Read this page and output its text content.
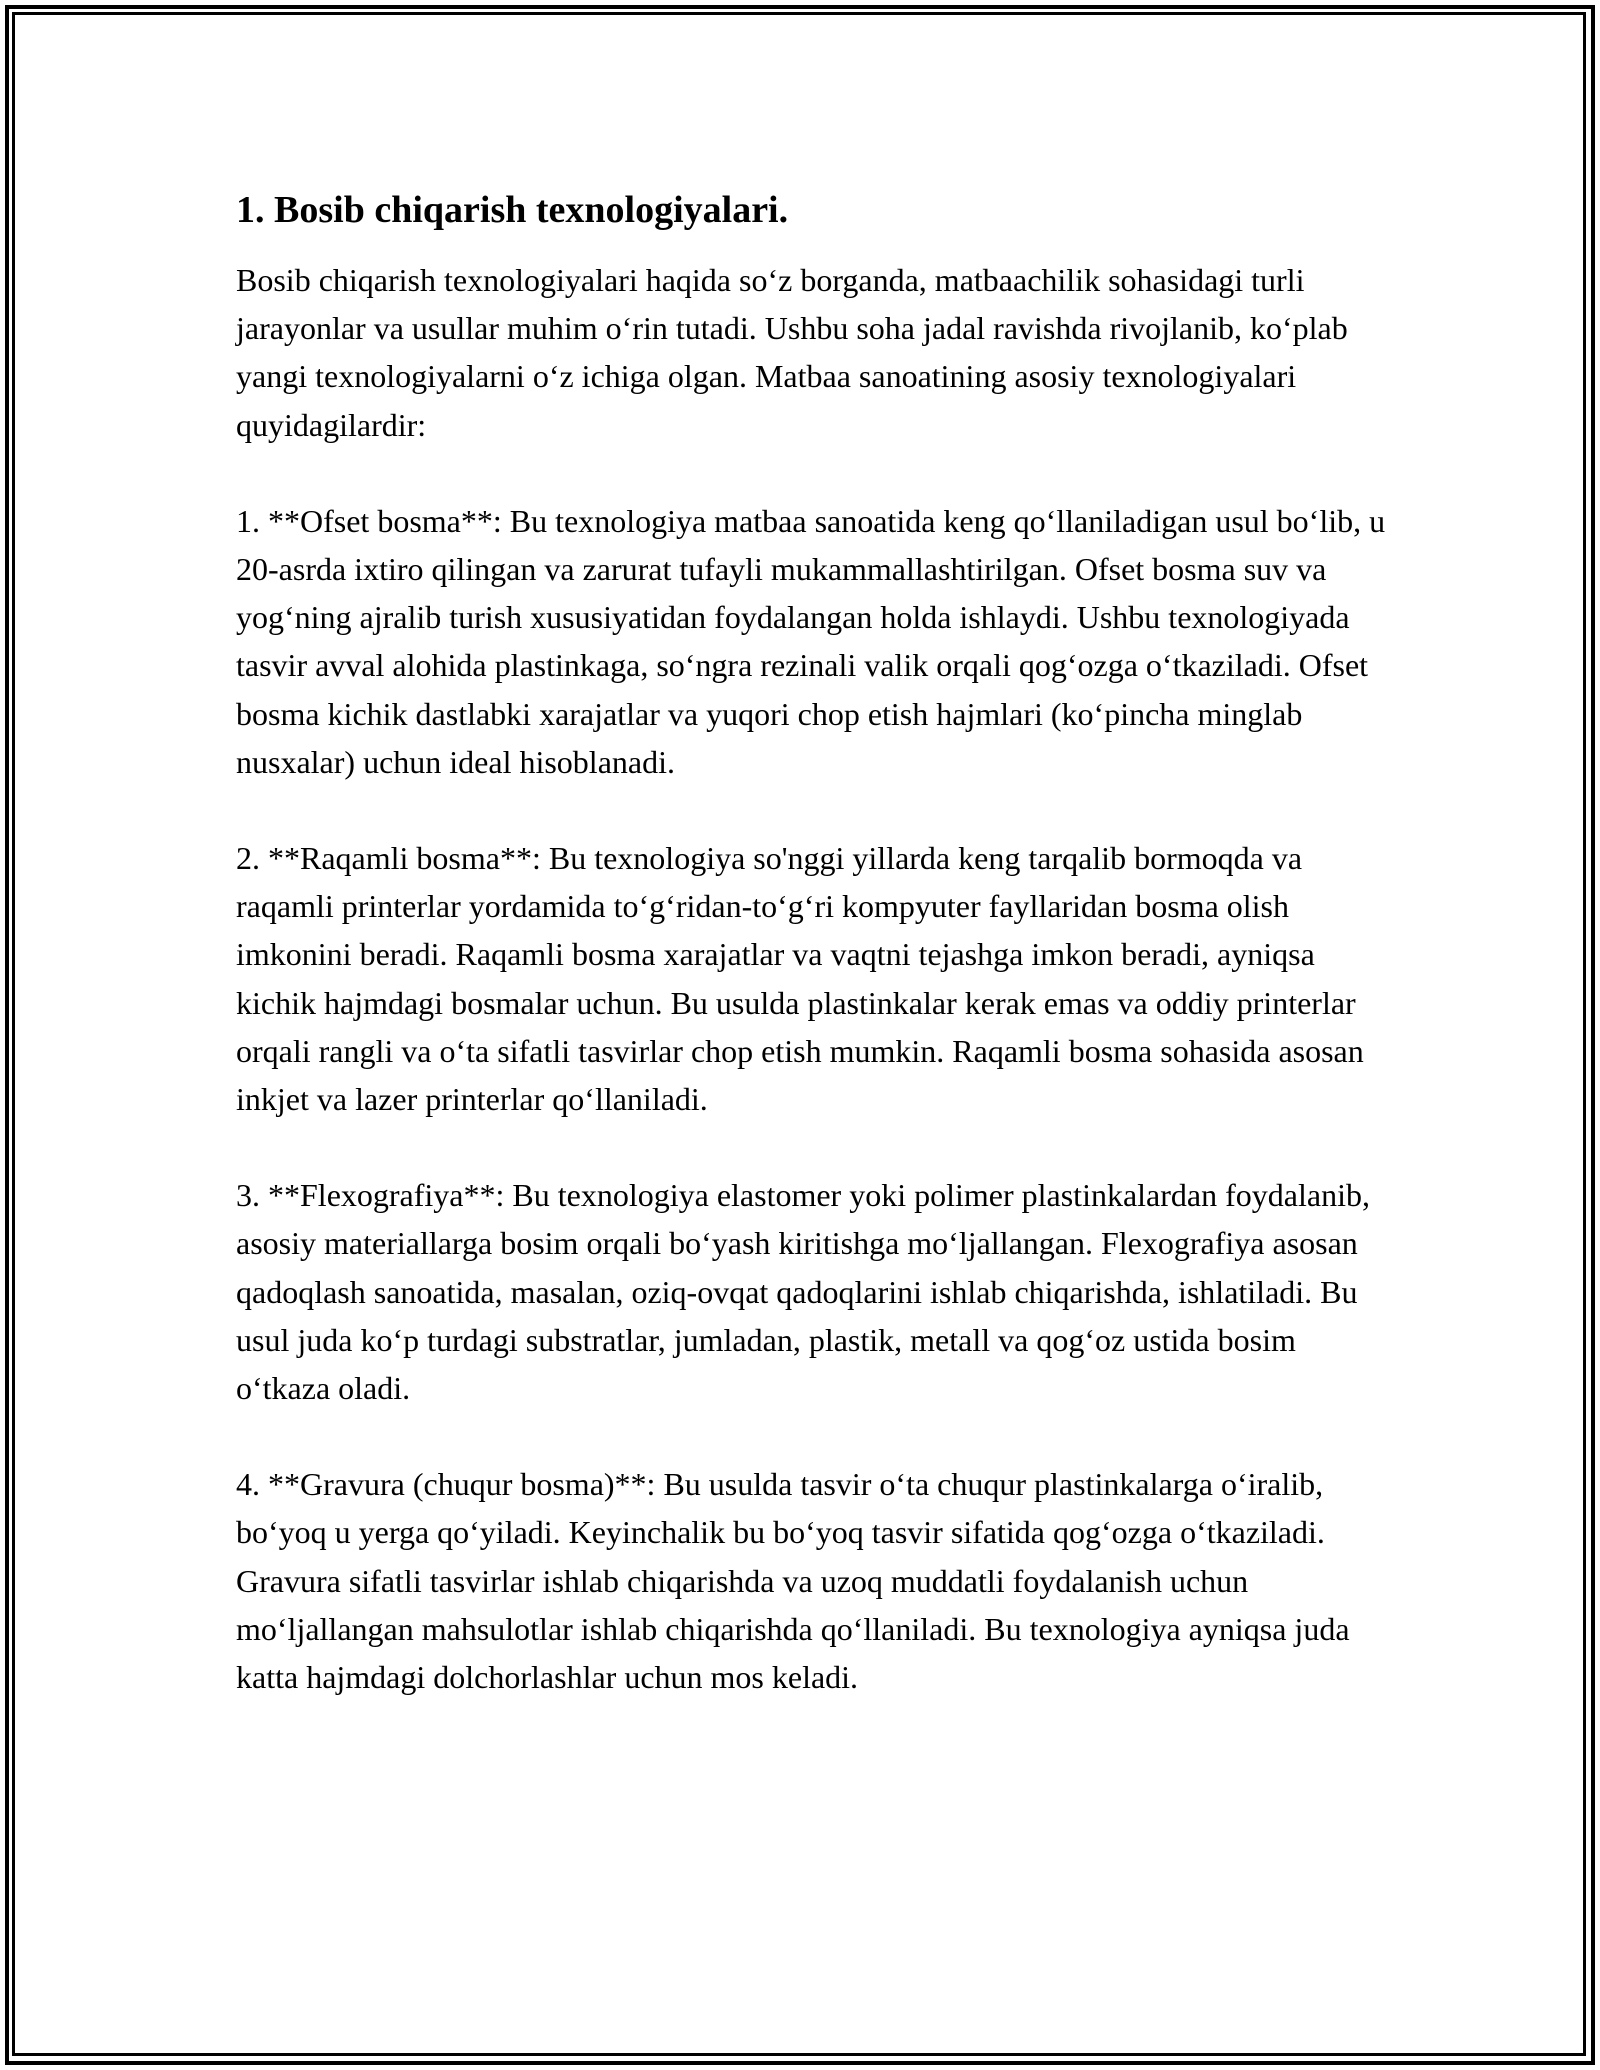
1. Bosib chiqarish texnologiyalari.

Bosib chiqarish texnologiyalari haqida so‘z borganda, matbaachilik sohasidagi turli jarayonlar va usullar muhim o‘rin tutadi. Ushbu soha jadal ravishda rivojlanib, ko‘plab yangi texnologiyalarni o‘z ichiga olgan. Matbaa sanoatining asosiy texnologiyalari quyidagilardir:

1. **Ofset bosma**: Bu texnologiya matbaa sanoatida keng qo‘llaniladigan usul bo‘lib, u 20-asrda ixtiro qilingan va zarurat tufayli mukammallashtirilgan. Ofset bosma suv va yog‘ning ajralib turish xususiyatidan foydalangan holda ishlaydi. Ushbu texnologiyada tasvir avval alohida plastinkaga, so‘ngra rezinali valik orqali qog‘ozga o‘tkaziladi. Ofset bosma kichik dastlabki xarajatlar va yuqori chop etish hajmlari (ko‘pincha minglab nusxalar) uchun ideal hisoblanadi.

2. **Raqamli bosma**: Bu texnologiya so'nggi yillarda keng tarqalib bormoqda va raqamli printerlar yordamida to‘g‘ridan-to‘g‘ri kompyuter fayllaridan bosma olish imkonini beradi. Raqamli bosma xarajatlar va vaqtni tejashga imkon beradi, ayniqsa kichik hajmdagi bosmalar uchun. Bu usulda plastinkalar kerak emas va oddiy printerlar orqali rangli va o‘ta sifatli tasvirlar chop etish mumkin. Raqamli bosma sohasida asosan inkjet va lazer printerlar qo‘llaniladi.

3. **Flexografiya**: Bu texnologiya elastomer yoki polimer plastinkalardan foydalanib, asosiy materiallarga bosim orqali bo‘yash kiritishga mo‘ljallangan. Flexografiya asosan qadoqlash sanoatida, masalan, oziq-ovqat qadoqlarini ishlab chiqarishda, ishlatiladi. Bu usul juda ko‘p turdagi substratlar, jumladan, plastik, metall va qog‘oz ustida bosim o‘tkaza oladi.

4. **Gravura (chuqur bosma)**: Bu usulda tasvir o‘ta chuqur plastinkalarga o‘iralib, bo‘yoq u yerga qo‘yiladi. Keyinchalik bu bo‘yoq tasvir sifatida qog‘ozga o‘tkaziladi. Gravura sifatli tasvirlar ishlab chiqarishda va uzoq muddatli foydalanish uchun mo‘ljallangan mahsulotlar ishlab chiqarishda qo‘llaniladi. Bu texnologiya ayniqsa juda katta hajmdagi dolchorlashlar uchun mos keladi.
